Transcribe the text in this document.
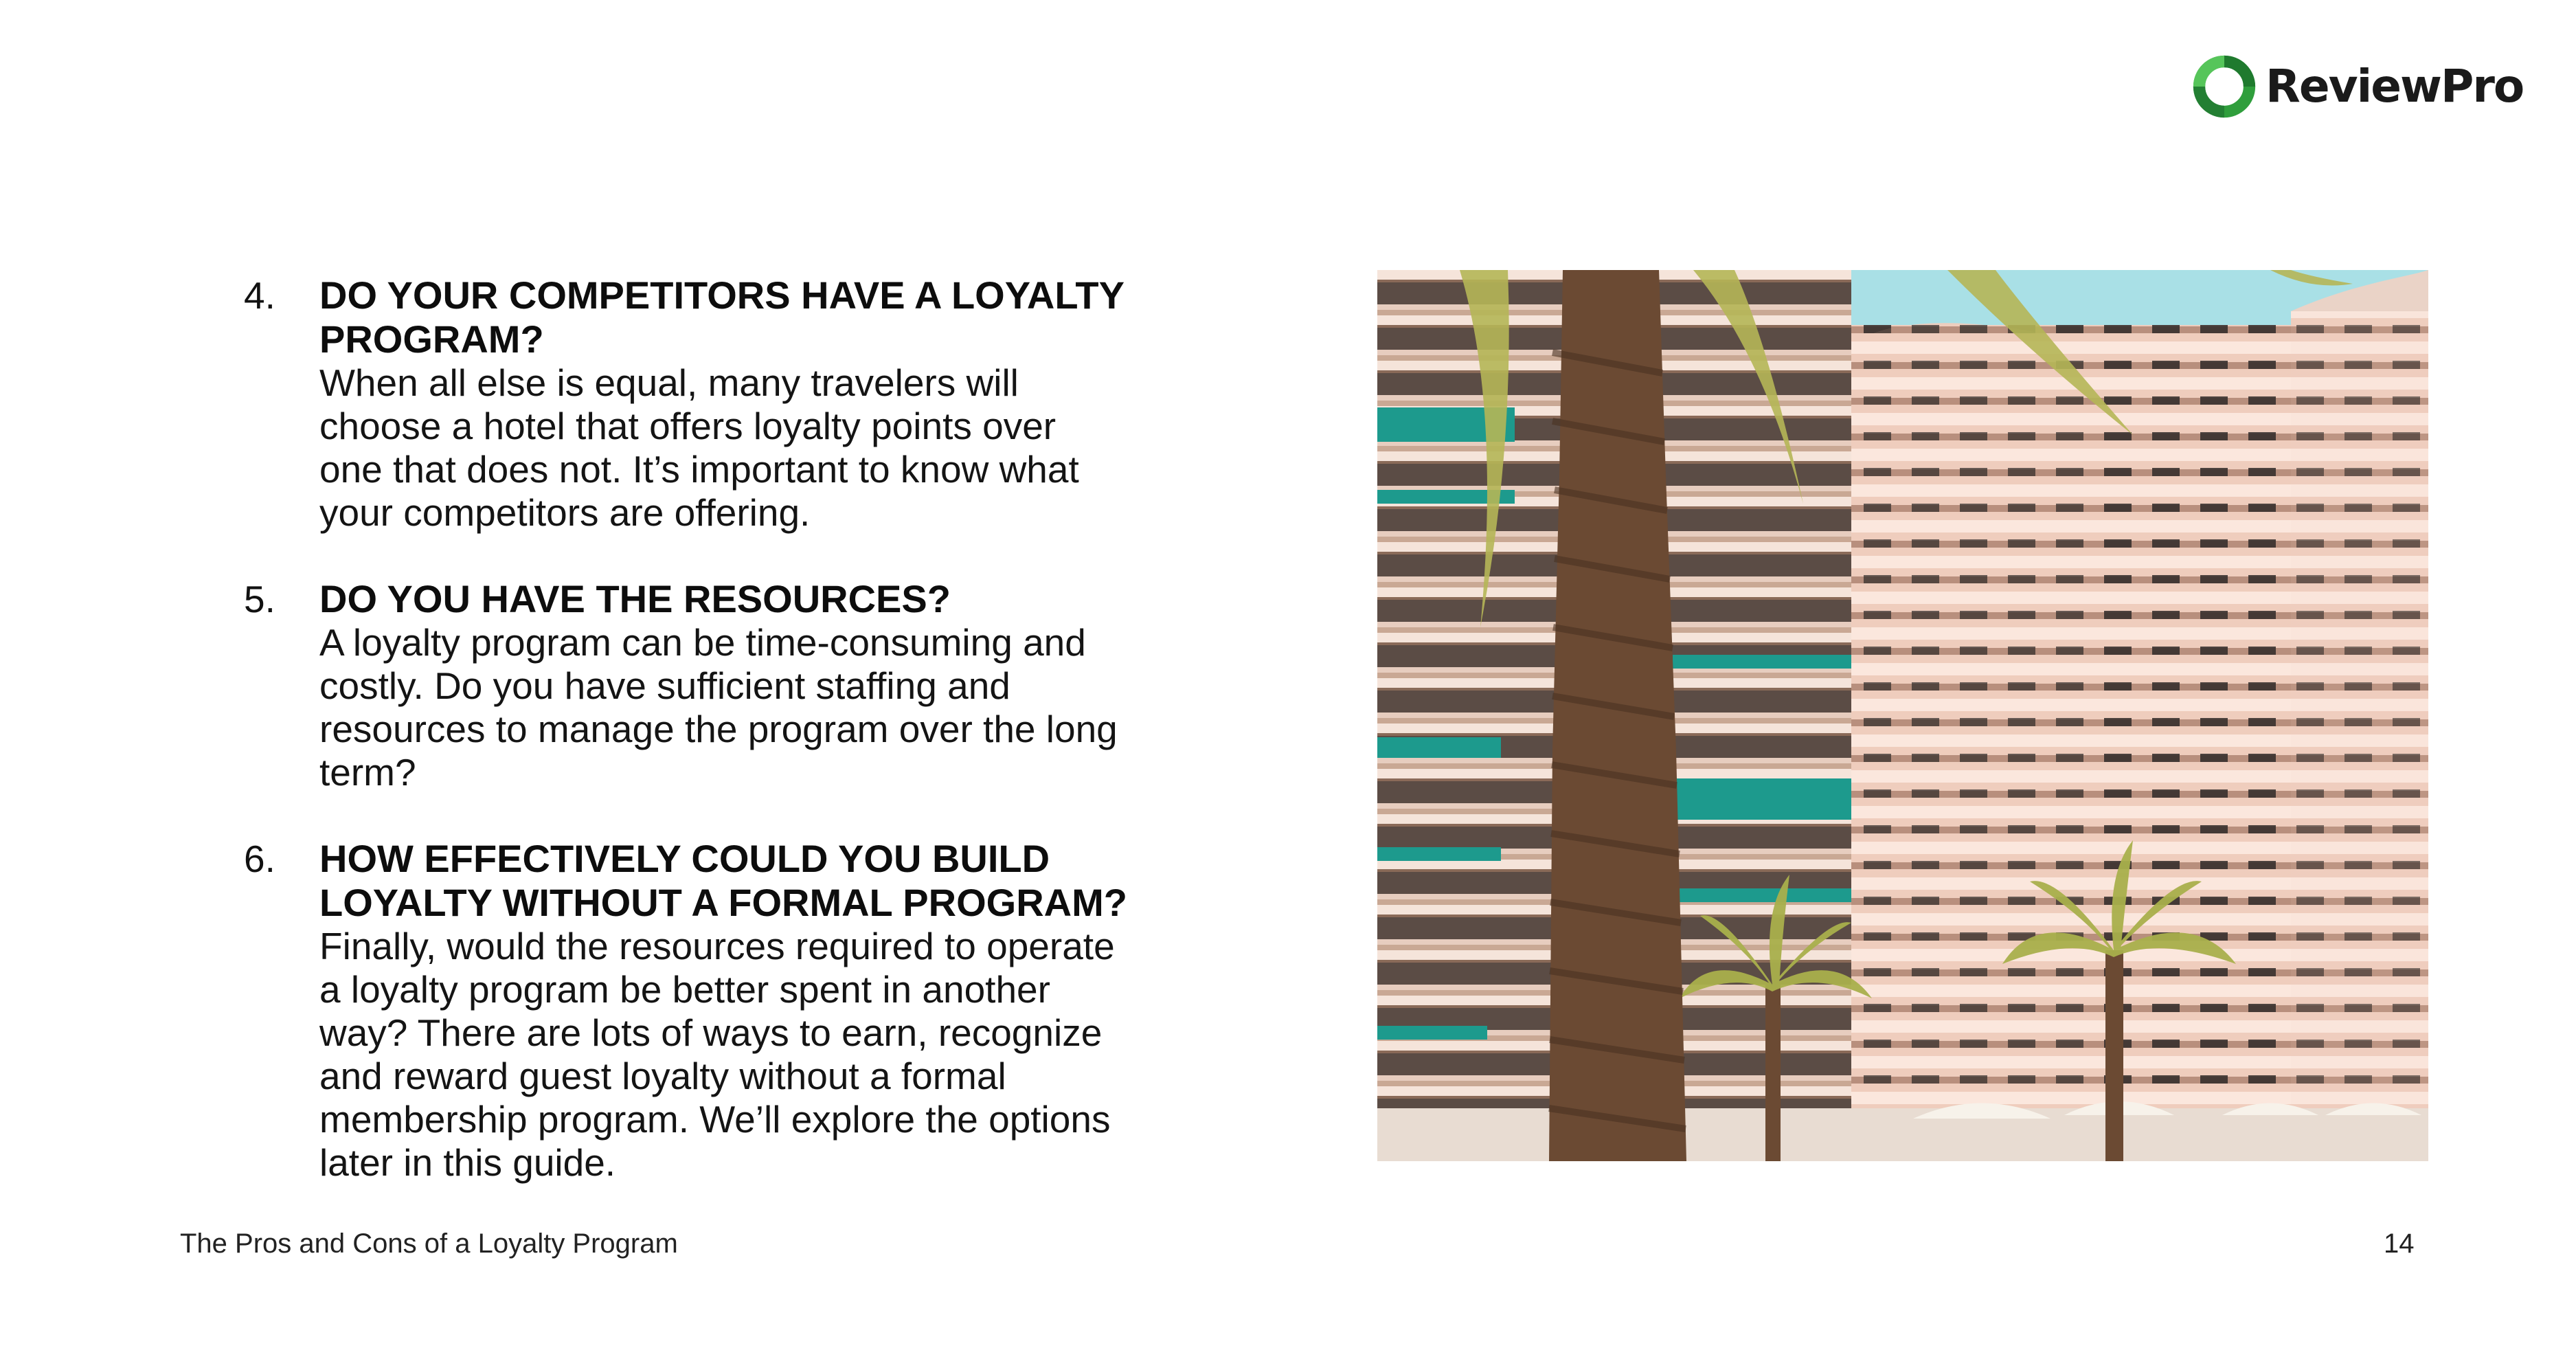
ReviewPro
4. DO YOUR COMPETITORS HAVE A LOYALTY
PROGRAM?
When all else is equal, many travelers will
choose a hotel that offers loyalty points over
one that does not. It’s important to know what
your competitors are offering.
5. DO YOU HAVE THE RESOURCES?
A loyalty program can be time-consuming and
costly. Do you have sufficient staffing and
resources to manage the program over the long
term?
6. HOW EFFECTIVELY COULD YOU BUILD
LOYALTY WITHOUT A FORMAL PROGRAM?
Finally, would the resources required to operate
a loyalty program be better spent in another
way? There are lots of ways to earn, recognize
and reward guest loyalty without a formal
membership program. We’ll explore the options
later in this guide.
The Pros and Cons of a Loyalty Program	14
